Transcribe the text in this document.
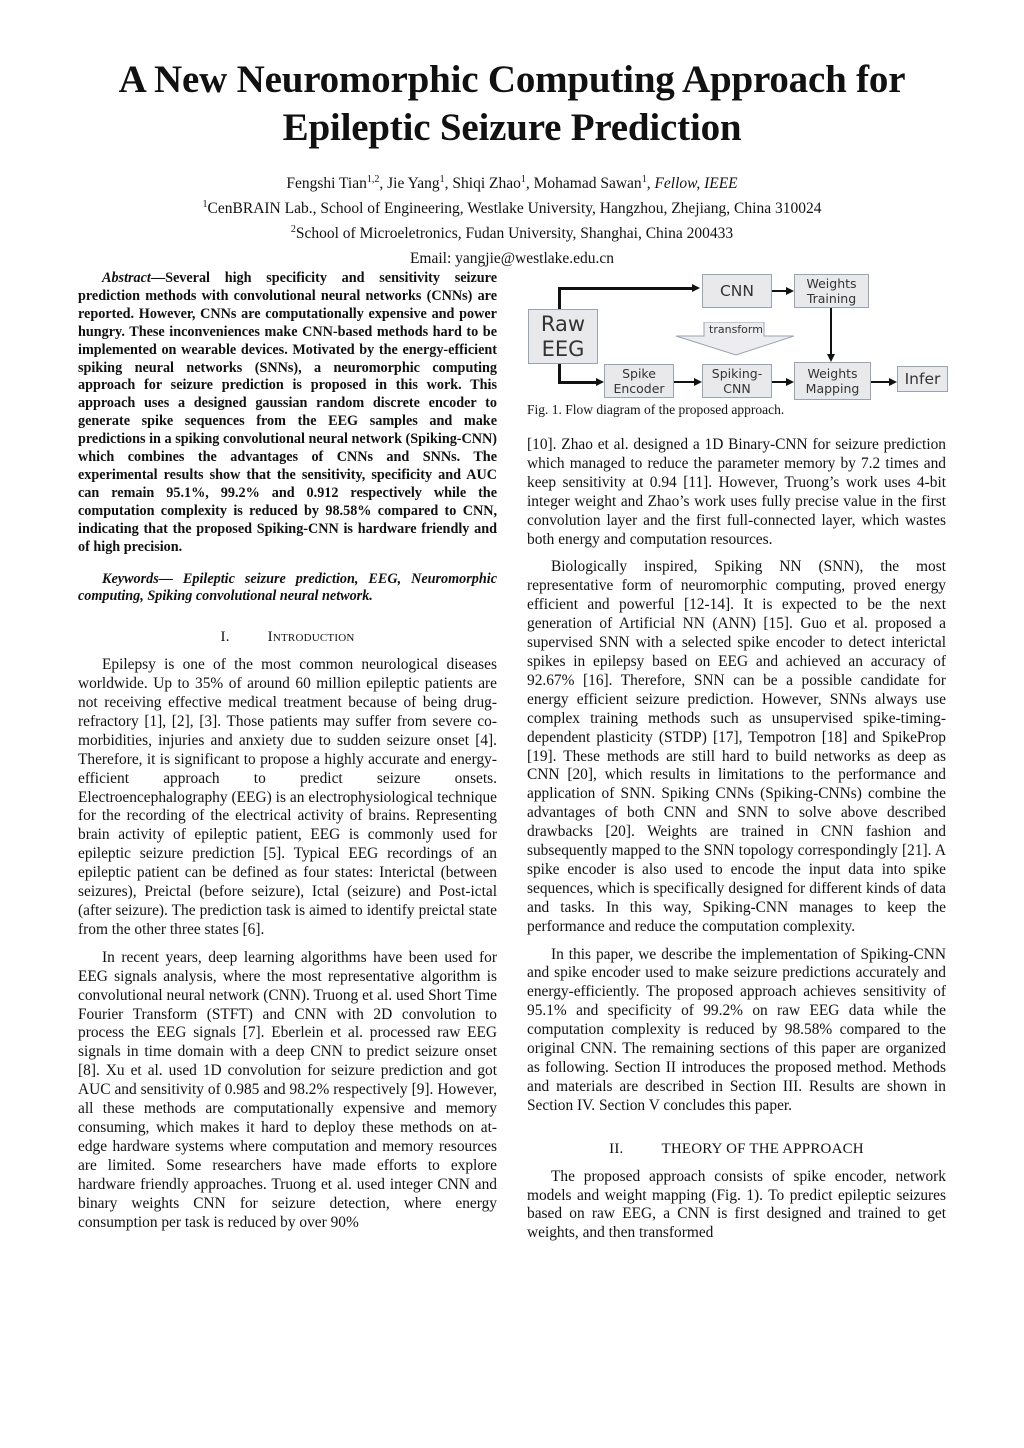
A New Neuromorphic Computing Approach for
Epileptic Seizure Prediction
Fengshi Tian$^{1,2}$, Jie Yang$^1$, Shiqi Zhao$^1$, Mohamad Sawan$^1$, Fellow, IEEE
$^1$CenBRAIN Lab., School of Engineering, Westlake University, Hangzhou, Zhejiang, China 310024
$^2$School of Microeletronics, Fudan University, Shanghai, China 200433
Email: yangjie@westlake.edu.cn

Abstract—Several high specificity and sensitivity seizure prediction methods with convolutional neural networks (CNNs) are reported. However, CNNs are computationally expensive and power hungry. These inconveniences make CNN-based methods hard to be implemented on wearable devices. Motivated by the energy-efficient spiking neural networks (SNNs), a neuromorphic computing approach for seizure prediction is proposed in this work. This approach uses a designed gaussian random discrete encoder to generate spike sequences from the EEG samples and make predictions in a spiking convolutional neural network (Spiking-CNN) which combines the advantages of CNNs and SNNs. The experimental results show that the sensitivity, specificity and AUC can remain 95.1%, 99.2% and 0.912 respectively while the computation complexity is reduced by 98.58% compared to CNN, indicating that the proposed Spiking-CNN is hardware friendly and of high precision.

Keywords— Epileptic seizure prediction, EEG, Neuromorphic computing, Spiking convolutional neural network.

I.	Introduction

Epilepsy is one of the most common neurological diseases worldwide. Up to 35% of around 60 million epileptic patients are not receiving effective medical treatment because of being drug-refractory [1], [2], [3]. Those patients may suffer from severe co-morbidities, injuries and anxiety due to sudden seizure onset [4]. Therefore, it is significant to propose a highly accurate and energy-efficient approach to predict seizure onsets. Electroencephalography (EEG) is an electrophysiological technique for the recording of the electrical activity of brains. Representing brain activity of epileptic patient, EEG is commonly used for epileptic seizure prediction [5]. Typical EEG recordings of an epileptic patient can be defined as four states: Interictal (between seizures), Preictal (before seizure), Ictal (seizure) and Post-ictal (after seizure). The prediction task is aimed to identify preictal state from the other three states [6].

In recent years, deep learning algorithms have been used for EEG signals analysis, where the most representative algorithm is convolutional neural network (CNN). Truong et al. used Short Time Fourier Transform (STFT) and CNN with 2D convolution to process the EEG signals [7]. Eberlein et al. processed raw EEG signals in time domain with a deep CNN to predict seizure onset [8]. Xu et al. used 1D convolution for seizure prediction and got AUC and sensitivity of 0.985 and 98.2% respectively [9]. However, all these methods are computationally expensive and memory consuming, which makes it hard to deploy these methods on at-edge hardware systems where computation and memory resources are limited. Some researchers have made efforts to explore hardware friendly approaches. Truong et al. used integer CNN and binary weights CNN for seizure detection, where energy consumption per task is reduced by over 90%

Raw EEG
CNN	Weights Training
transform
Spike Encoder
Spiking-CNN
Weights Mapping
Infer
Fig. 1. Flow diagram of the proposed approach.

[10]. Zhao et al. designed a 1D Binary-CNN for seizure prediction which managed to reduce the parameter memory by 7.2 times and keep sensitivity at 0.94 [11]. However, Truong’s work uses 4-bit integer weight and Zhao’s work uses fully precise value in the first convolution layer and the first full-connected layer, which wastes both energy and computation resources.

Biologically inspired, Spiking NN (SNN), the most representative form of neuromorphic computing, proved energy efficient and powerful [12-14]. It is expected to be the next generation of Artificial NN (ANN) [15]. Guo et al. proposed a supervised SNN with a selected spike encoder to detect interictal spikes in epilepsy based on EEG and achieved an accuracy of 92.67% [16]. Therefore, SNN can be a possible candidate for energy efficient seizure prediction. However, SNNs always use complex training methods such as unsupervised spike-timing-dependent plasticity (STDP) [17], Tempotron [18] and SpikeProp [19]. These methods are still hard to build networks as deep as CNN [20], which results in limitations to the performance and application of SNN. Spiking CNNs (Spiking-CNNs) combine the advantages of both CNN and SNN to solve above described drawbacks [20]. Weights are trained in CNN fashion and subsequently mapped to the SNN topology correspondingly [21]. A spike encoder is also used to encode the input data into spike sequences, which is specifically designed for different kinds of data and tasks. In this way, Spiking-CNN manages to keep the performance and reduce the computation complexity.

In this paper, we describe the implementation of Spiking-CNN and spike encoder used to make seizure predictions accurately and energy-efficiently. The proposed approach achieves sensitivity of 95.1% and specificity of 99.2% on raw EEG data while the computation complexity is reduced by 98.58% compared to the original CNN. The remaining sections of this paper are organized as following. Section II introduces the proposed method. Methods and materials are described in Section III. Results are shown in Section IV. Section V concludes this paper.

II.	THEORY OF THE APPROACH

The proposed approach consists of spike encoder, network models and weight mapping (Fig. 1). To predict epileptic seizures based on raw EEG, a CNN is first designed and trained to get weights, and then transformed
